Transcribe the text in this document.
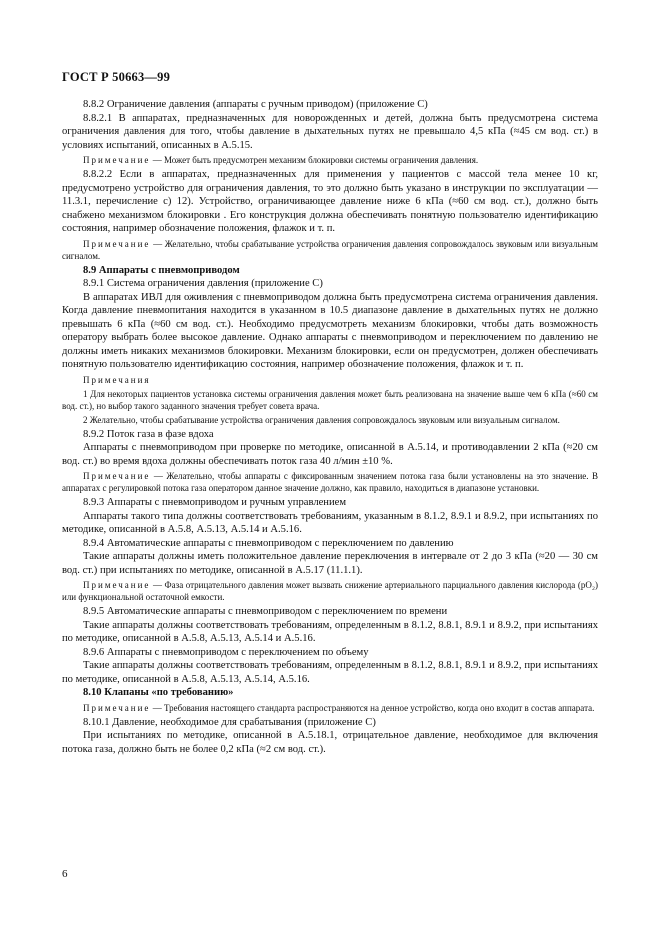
ГОСТ Р 50663—99

8.8.2 Ограничение давления (аппараты с ручным приводом) (приложение С)

8.8.2.1 В аппаратах, предназначенных для новорожденных и детей, должна быть предусмотрена система ограничения давления для того, чтобы давление в дыхательных путях не превышало 4,5 кПа (≈45 см вод. ст.) в условиях испытаний, описанных в А.5.15.

Примечание — Может быть предусмотрен механизм блокировки системы ограничения давления.

8.8.2.2 Если в аппаратах, предназначенных для применения у пациентов с массой тела менее 10 кг, предусмотрено устройство для ограничения давления, то это должно быть указано в инструкции по эксплуатации — 11.3.1, перечисление с) 12). Устройство, ограничивающее давление ниже 6 кПа (≈60 см вод. ст.), должно быть снабжено механизмом блокировки . Его конструкция должна обеспечивать понятную пользователю идентификацию состояния, например обозначение положения, флажок и т. п.

Примечание — Желательно, чтобы срабатывание устройства ограничения давления сопровождалось звуковым или визуальным сигналом.

8.9 Аппараты с пневмоприводом

8.9.1 Система ограничения давления (приложение С)

В аппаратах ИВЛ для оживления с пневмоприводом должна быть предусмотрена система ограничения давления. Когда давление пневмопитания находится в указанном в 10.5 диапазоне давление в дыхательных путях не должно превышать 6 кПа (≈60 см вод. ст.). Необходимо предусмотреть механизм блокировки, чтобы дать возможность оператору выбрать более высокое давление. Однако аппараты с пневмоприводом и переключением по давлению не должны иметь никаких механизмов блокировки. Механизм блокировки, если он предусмотрен, должен обеспечивать понятную пользователю идентификацию состояния, например обозначение положения, флажок и т. п.

Примечания

1 Для некоторых пациентов установка системы ограничения давления может быть реализована на значение выше чем 6 кПа (≈60 см вод. ст.), но выбор такого заданного значения требует совета врача.

2 Желательно, чтобы срабатывание устройства ограничения давления сопровождалось звуковым или визуальным сигналом.

8.9.2 Поток газа в фазе вдоха

Аппараты с пневмоприводом при проверке по методике, описанной в А.5.14, и противодавлении 2 кПа (≈20 см вод. ст.) во время вдоха должны обеспечивать поток газа 40 л/мин ±10 %.

Примечание — Желательно, чтобы аппараты с фиксированным значением потока газа были установлены на это значение. В аппаратах с регулировкой потока газа оператором данное значение должно, как правило, находиться в диапазоне установки.

8.9.3 Аппараты с пневмоприводом и ручным управлением

Аппараты такого типа должны соответствовать требованиям, указанным в 8.1.2, 8.9.1 и 8.9.2, при испытаниях по методике, описанной в А.5.8, А.5.13, А.5.14 и А.5.16.

8.9.4 Автоматические аппараты с пневмоприводом с переключением по давлению

Такие аппараты должны иметь положительное давление переключения в интервале от 2 до 3 кПа (≈20 — 30 см вод. ст.) при испытаниях по методике, описанной в А.5.17 (11.1.1).

Примечание — Фаза отрицательного давления может вызвать снижение артериального парциального давления кислорода (pO₂) или функциональной остаточной емкости.

8.9.5 Автоматические аппараты с пневмоприводом с переключением по времени

Такие аппараты должны соответствовать требованиям, определенным в 8.1.2, 8.8.1, 8.9.1 и 8.9.2, при испытаниях по методике, описанной в А.5.8, А.5.13, А.5.14 и А.5.16.

8.9.6 Аппараты с пневмоприводом с переключением по объему

Такие аппараты должны соответствовать требованиям, определенным в 8.1.2, 8.8.1, 8.9.1 и 8.9.2, при испытаниях по методике, описанной в А.5.8, А.5.13, А.5.14, А.5.16.

8.10 Клапаны «по требованию»

Примечание — Требования настоящего стандарта распространяются на денное устройство, когда оно входит в состав аппарата.

8.10.1 Давление, необходимое для срабатывания (приложение С)

При испытаниях по методике, описанной в А.5.18.1, отрицательное давление, необходимое для включения потока газа, должно быть не более 0,2 кПа (≈2 см вод. ст.).

6
